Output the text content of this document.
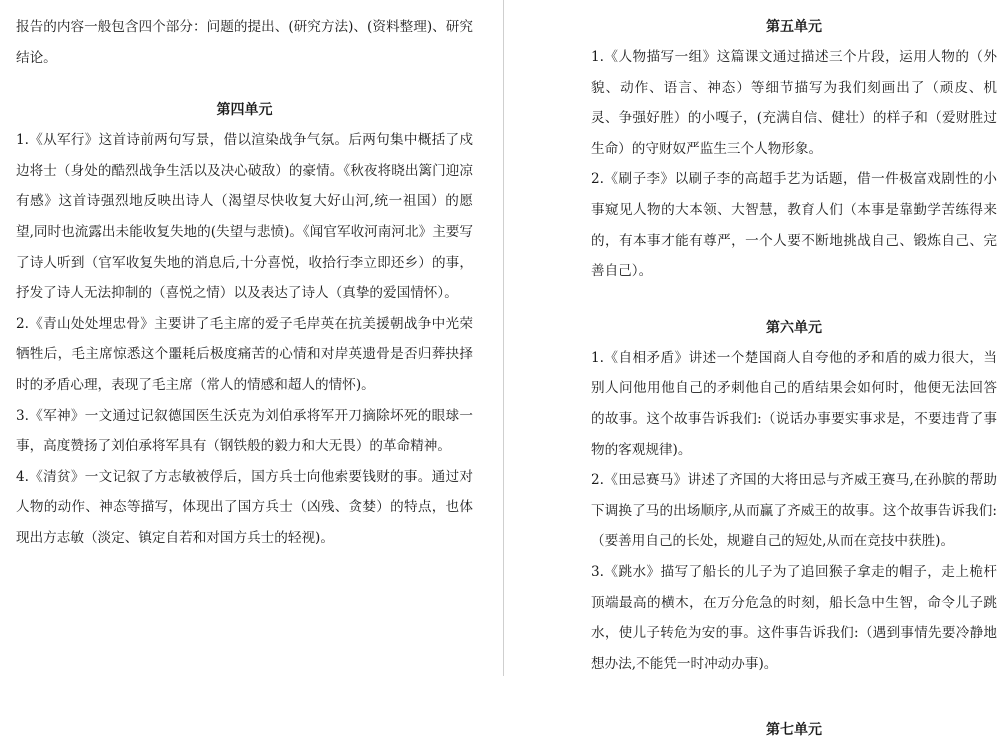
报告的内容一般包含四个部分：问题的提出、(研究方法)、(资料整理)、研究结论。

第四单元

1.《从军行》这首诗前两句写景，借以渲染战争气氛。后两句集中概括了戍边将士（身处的酷烈战争生活以及决心破敌）的豪情。《秋夜将晓出篱门迎凉有感》这首诗强烈地反映出诗人（渴望尽快收复大好山河,统一祖国）的愿望,同时也流露出未能收复失地的(失望与悲愤)。《闻官军收河南河北》主要写了诗人听到（官军收复失地的消息后,十分喜悦，收拾行李立即还乡）的事，抒发了诗人无法抑制的（喜悦之情）以及表达了诗人（真挚的爱国情怀）。

2.《青山处处埋忠骨》主要讲了毛主席的爱子毛岸英在抗美援朝战争中光荣牺牲后，毛主席惊悉这个噩耗后极度痛苦的心情和对岸英遗骨是否归葬抉择时的矛盾心理，表现了毛主席（常人的情感和超人的情怀)。

3.《军神》一文通过记叙德国医生沃克为刘伯承将军开刀摘除坏死的眼球一事，高度赞扬了刘伯承将军具有（钢铁般的毅力和大无畏）的革命精神。

4.《清贫》一文记叙了方志敏被俘后，国方兵士向他索要钱财的事。通过对人物的动作、神态等描写，体现出了国方兵士（凶残、贪婪）的特点，也体现出方志敏（淡定、镇定自若和对国方兵士的轻视)。

第五单元

1.《人物描写一组》这篇课文通过描述三个片段，运用人物的（外貌、动作、语言、神态）等细节描写为我们刻画出了（顽皮、机灵、争强好胜）的小嘎子，(充满自信、健壮）的样子和（爱财胜过生命）的守财奴严监生三个人物形象。

2.《刷子李》以刷子李的高超手艺为话题，借一件极富戏剧性的小事窥见人物的大本领、大智慧，教育人们（本事是靠勤学苦练得来的，有本事才能有尊严，一个人要不断地挑战自己、锻炼自己、完善自己）。

第六单元

1.《自相矛盾》讲述一个楚国商人自夸他的矛和盾的威力很大，当别人问他用他自己的矛刺他自己的盾结果会如何时，他便无法回答的故事。这个故事告诉我们:（说话办事要实事求是，不要违背了事物的客观规律)。

2.《田忌赛马》讲述了齐国的大将田忌与齐威王赛马,在孙膑的帮助下调换了马的出场顺序,从而赢了齐威王的故事。这个故事告诉我们:（要善用自己的长处，规避自己的短处,从而在竞技中获胜)。

3.《跳水》描写了船长的儿子为了追回猴子拿走的帽子，走上桅杆顶端最高的横木，在万分危急的时刻，船长急中生智，命令儿子跳水，使儿子转危为安的事。这件事告诉我们:（遇到事情先要冷静地想办法,不能凭一时冲动办事)。

第七单元
